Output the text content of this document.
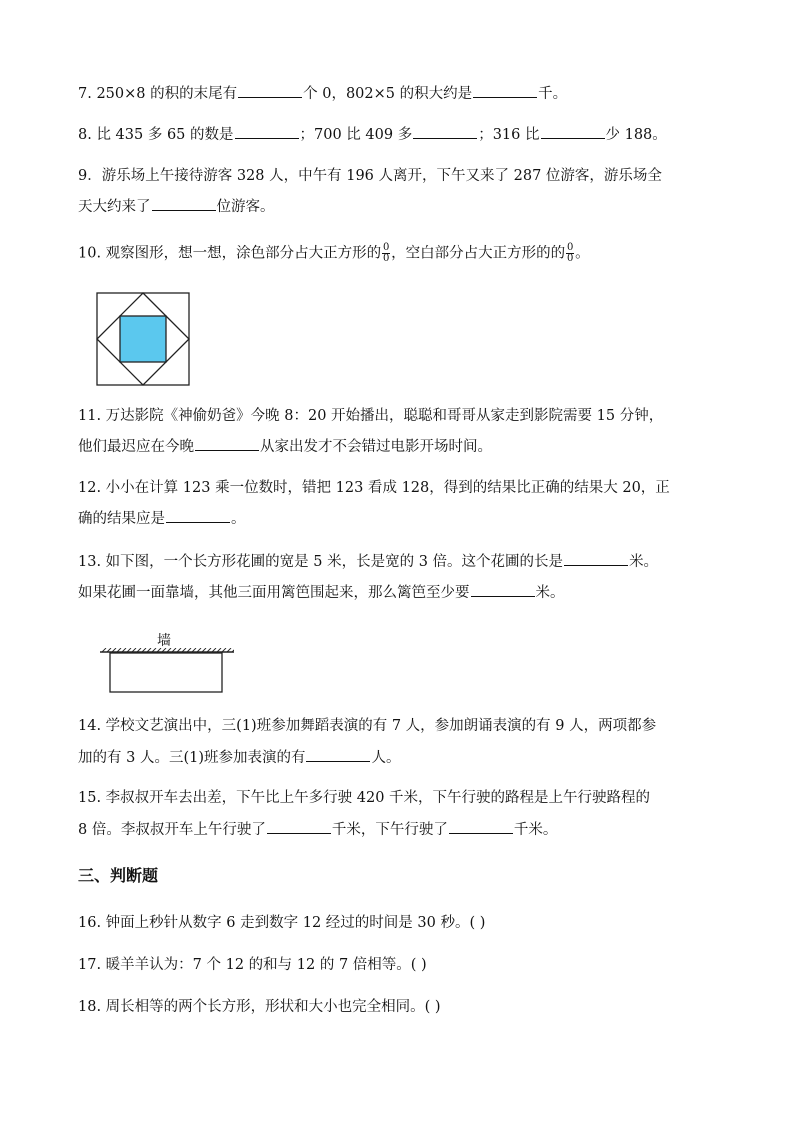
7. 250×8 的积的末尾有	个 0，802×5 的积大约是	千。
8. 比 435 多 65 的数是	；700 比 409 多	；316 比	少 188。
9．游乐场上午接待游客 328 人，中午有 196 人离开，下午又来了 287 位游客，游乐场全
天大约来了	位游客。
10. 观察图形，想一想，涂色部分占大正方形的 $\frac{0}{0}$ ，空白部分占大正方形的的 $\frac{0}{0}$ 。
11. 万达影院《神偷奶爸》今晚 8：20 开始播出，聪聪和哥哥从家走到影院需要 15 分钟，
他们最迟应在今晚	从家出发才不会错过电影开场时间。
12. 小小在计算 123 乘一位数时，错把 123 看成 128，得到的结果比正确的结果大 20，正
确的结果应是	。
13. 如下图，一个长方形花圃的宽是 5 米，长是宽的 3 倍。这个花圃的长是	米。
如果花圃一面靠墙，其他三面用篱笆围起来，那么篱笆至少要	米。
墙
14. 学校文艺演出中，三(1)班参加舞蹈表演的有 7 人，参加朗诵表演的有 9 人，两项都参
加的有 3 人。三(1)班参加表演的有	人。
15. 李叔叔开车去出差，下午比上午多行驶 420 千米，下午行驶的路程是上午行驶路程的
8 倍。李叔叔开车上午行驶了	千米，下午行驶了	千米。
三、判断题
16. 钟面上秒针从数字 6 走到数字 12 经过的时间是 30 秒。( )
17. 暖羊羊认为：7 个 12 的和与 12 的 7 倍相等。( )
18. 周长相等的两个长方形，形状和大小也完全相同。( )
